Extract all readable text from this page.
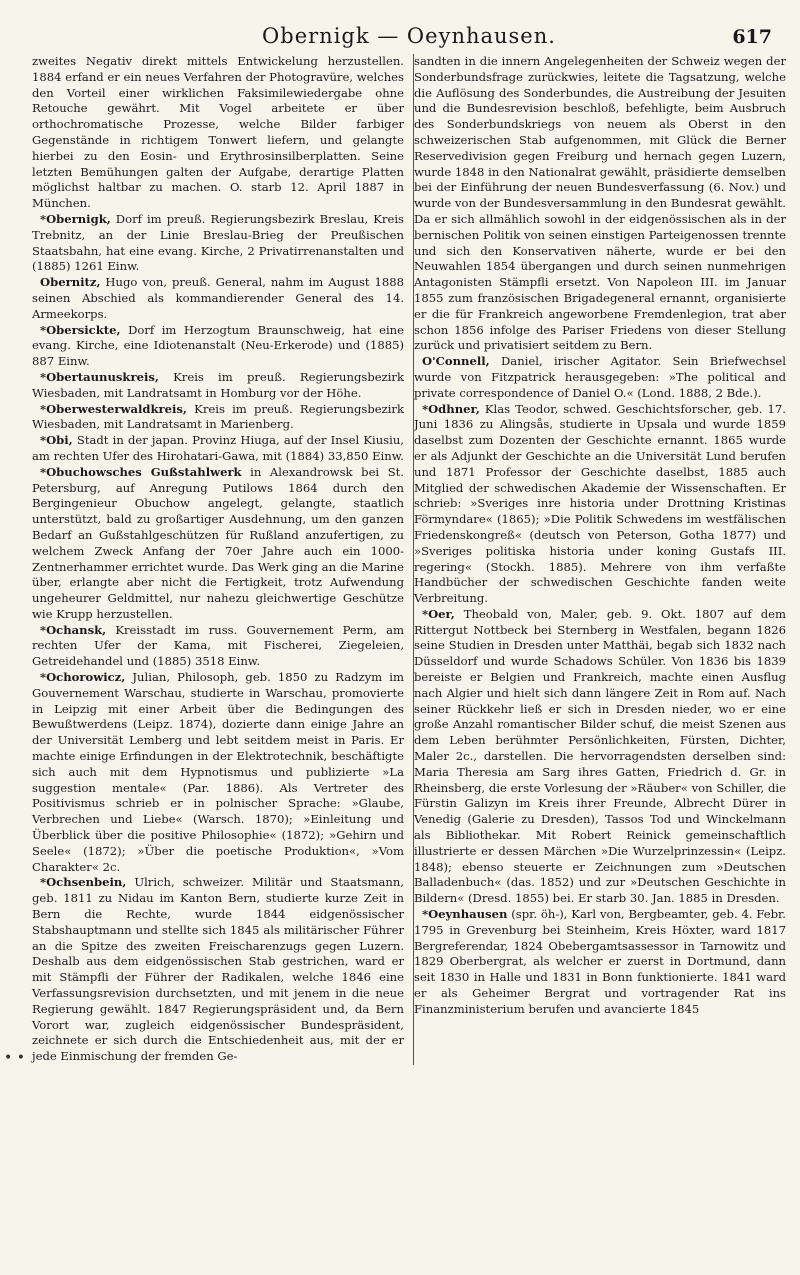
Obernigk — Oeynhausen.	617

zweites Negativ direkt mittels Entwickelung herzustellen. 1884 erfand er ein neues Verfahren der Photogravüre, welches den Vorteil einer wirklichen Faksimilewiedergabe ohne Retouche gewährt. Mit Vogel arbeitete er über orthochromatische Prozesse, welche Bilder farbiger Gegenstände in richtigem Tonwert liefern, und gelangte hierbei zu den Eosin- und Erythrosinsilberplatten. Seine letzten Bemühungen galten der Aufgabe, derartige Platten möglichst haltbar zu machen. O. starb 12. April 1887 in München.

*Obernigk, Dorf im preuß. Regierungsbezirk Breslau, Kreis Trebnitz, an der Linie Breslau-Brieg der Preußischen Staatsbahn, hat eine evang. Kirche, 2 Privatirrenanstalten und (1885) 1261 Einw.

Obernitz, Hugo von, preuß. General, nahm im August 1888 seinen Abschied als kommandierender General des 14. Armeekorps.

*Obersickte, Dorf im Herzogtum Braunschweig, hat eine evang. Kirche, eine Idiotenanstalt (Neu-Erkerode) und (1885) 887 Einw.

*Obertaunuskreis, Kreis im preuß. Regierungsbezirk Wiesbaden, mit Landratsamt in Homburg vor der Höhe.

*Oberwesterwaldkreis, Kreis im preuß. Regierungsbezirk Wiesbaden, mit Landratsamt in Marienberg.

*Obi, Stadt in der japan. Provinz Hiuga, auf der Insel Kiusiu, am rechten Ufer des Hirohatari-Gawa, mit (1884) 33,850 Einw.

*Obuchowsches Gußstahlwerk in Alexandrowsk bei St. Petersburg, auf Anregung Putilows 1864 durch den Bergingenieur Obuchow angelegt, gelangte, staatlich unterstützt, bald zu großartiger Ausdehnung, um den ganzen Bedarf an Gußstahlgeschützen für Rußland anzufertigen, zu welchem Zweck Anfang der 70er Jahre auch ein 1000-Zentnerhammer errichtet wurde. Das Werk ging an die Marine über, erlangte aber nicht die Fertigkeit, trotz Aufwendung ungeheurer Geldmittel, nur nahezu gleichwertige Geschütze wie Krupp herzustellen.

*Ochansk, Kreisstadt im russ. Gouvernement Perm, am rechten Ufer der Kama, mit Fischerei, Ziegeleien, Getreidehandel und (1885) 3518 Einw.

*Ochorowicz, Julian, Philosoph, geb. 1850 zu Radzym im Gouvernement Warschau, studierte in Warschau, promovierte in Leipzig mit einer Arbeit über die Bedingungen des Bewußtwerdens (Leipz. 1874), dozierte dann einige Jahre an der Universität Lemberg und lebt seitdem meist in Paris. Er machte einige Erfindungen in der Elektrotechnik, beschäftigte sich auch mit dem Hypnotismus und publizierte »La suggestion mentale« (Par. 1886). Als Vertreter des Positivismus schrieb er in polnischer Sprache: »Glaube, Verbrechen und Liebe« (Warsch. 1870); »Einleitung und Überblick über die positive Philosophie« (1872); »Gehirn und Seele« (1872); »Über die poetische Produktion«, »Vom Charakter« 2c.

*Ochsenbein, Ulrich, schweizer. Militär und Staatsmann, geb. 1811 zu Nidau im Kanton Bern, studierte kurze Zeit in Bern die Rechte, wurde 1844 eidgenössischer Stabshauptmann und stellte sich 1845 als militärischer Führer an die Spitze des zweiten Freischarenzugs gegen Luzern. Deshalb aus dem eidgenössischen Stab gestrichen, ward er mit Stämpfli der Führer der Radikalen, welche 1846 eine Verfassungsrevision durchsetzten, und mit jenem in die neue Regierung gewählt. 1847 Regierungspräsident und, da Bern Vorort war, zugleich eidgenössischer Bundespräsident, zeichnete er sich durch die Entschiedenheit aus, mit der er jede Einmischung der fremden Ge-

sandten in die innern Angelegenheiten der Schweiz wegen der Sonderbundsfrage zurückwies, leitete die Tagsatzung, welche die Auflösung des Sonderbundes, die Austreibung der Jesuiten und die Bundesrevision beschloß, befehligte, beim Ausbruch des Sonderbundskriegs von neuem als Oberst in den schweizerischen Stab aufgenommen, mit Glück die Berner Reservedivision gegen Freiburg und hernach gegen Luzern, wurde 1848 in den Nationalrat gewählt, präsidierte demselben bei der Einführung der neuen Bundesverfassung (6. Nov.) und wurde von der Bundesversammlung in den Bundesrat gewählt. Da er sich allmählich sowohl in der eidgenössischen als in der bernischen Politik von seinen einstigen Parteigenossen trennte und sich den Konservativen näherte, wurde er bei den Neuwahlen 1854 übergangen und durch seinen nunmehrigen Antagonisten Stämpfli ersetzt. Von Napoleon III. im Januar 1855 zum französischen Brigadegeneral ernannt, organisierte er die für Frankreich angeworbene Fremdenlegion, trat aber schon 1856 infolge des Pariser Friedens von dieser Stellung zurück und privatisiert seitdem zu Bern.

O'Connell, Daniel, irischer Agitator. Sein Briefwechsel wurde von Fitzpatrick herausgegeben: »The political and private correspondence of Daniel O.« (Lond. 1888, 2 Bde.).

*Odhner, Klas Teodor, schwed. Geschichtsforscher, geb. 17. Juni 1836 zu Alingsås, studierte in Upsala und wurde 1859 daselbst zum Dozenten der Geschichte ernannt. 1865 wurde er als Adjunkt der Geschichte an die Universität Lund berufen und 1871 Professor der Geschichte daselbst, 1885 auch Mitglied der schwedischen Akademie der Wissenschaften. Er schrieb: »Sveriges inre historia under Drottning Kristinas Förmyndare« (1865); »Die Politik Schwedens im westfälischen Friedenskongreß« (deutsch von Peterson, Gotha 1877) und »Sveriges politiska historia under koning Gustafs III. regering« (Stockh. 1885). Mehrere von ihm verfaßte Handbücher der schwedischen Geschichte fanden weite Verbreitung.

*Oer, Theobald von, Maler, geb. 9. Okt. 1807 auf dem Rittergut Nottbeck bei Sternberg in Westfalen, begann 1826 seine Studien in Dresden unter Matthäi, begab sich 1832 nach Düsseldorf und wurde Schadows Schüler. Von 1836 bis 1839 bereiste er Belgien und Frankreich, machte einen Ausflug nach Algier und hielt sich dann längere Zeit in Rom auf. Nach seiner Rückkehr ließ er sich in Dresden nieder, wo er eine große Anzahl romantischer Bilder schuf, die meist Szenen aus dem Leben berühmter Persönlichkeiten, Fürsten, Dichter, Maler 2c., darstellen. Die hervorragendsten derselben sind: Maria Theresia am Sarg ihres Gatten, Friedrich d. Gr. in Rheinsberg, die erste Vorlesung der »Räuber« von Schiller, die Fürstin Galizyn im Kreis ihrer Freunde, Albrecht Dürer in Venedig (Galerie zu Dresden), Tassos Tod und Winckelmann als Bibliothekar. Mit Robert Reinick gemeinschaftlich illustrierte er dessen Märchen »Die Wurzelprinzessin« (Leipz. 1848); ebenso steuerte er Zeichnungen zum »Deutschen Balladenbuch« (das. 1852) und zur »Deutschen Geschichte in Bildern« (Dresd. 1855) bei. Er starb 30. Jan. 1885 in Dresden.

*Oeynhausen (spr. öh-), Karl von, Bergbeamter, geb. 4. Febr. 1795 in Grevenburg bei Steinheim, Kreis Höxter, ward 1817 Bergreferendar, 1824 Obebergamtsassessor in Tarnowitz und 1829 Oberbergrat, als welcher er zuerst in Dortmund, dann seit 1830 in Halle und 1831 in Bonn funktionierte. 1841 ward er als Geheimer Bergrat und vortragender Rat ins Finanzministerium berufen und avancierte 1845

• •
